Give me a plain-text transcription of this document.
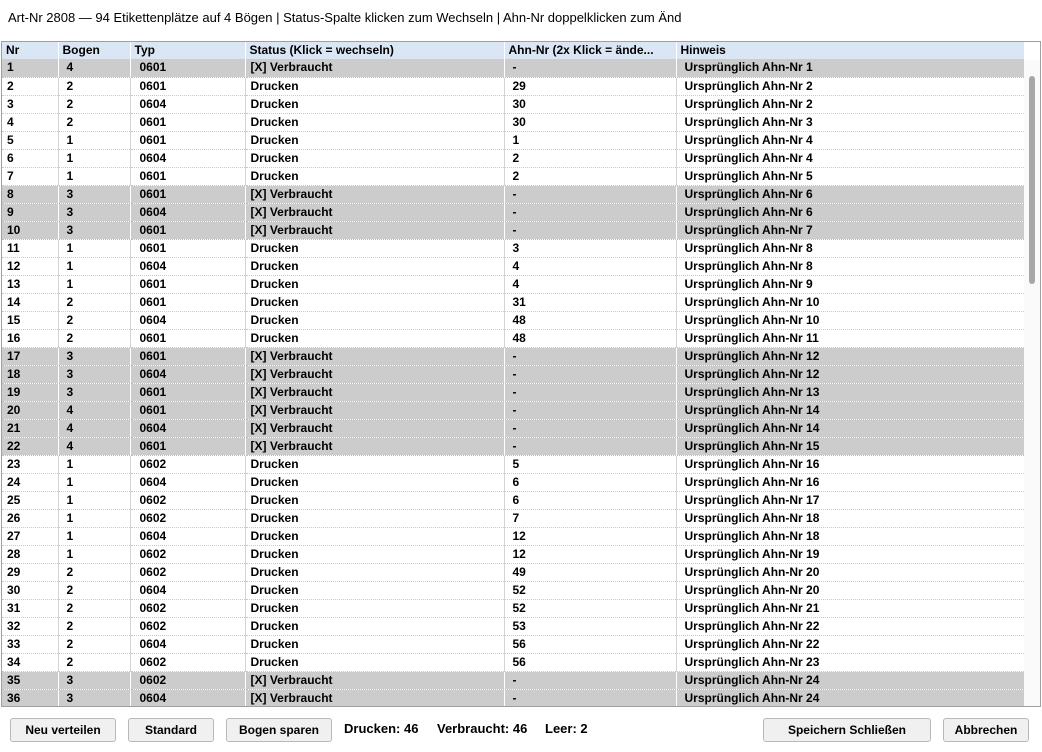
Art-Nr 2808 — 94 Etikettenplätze auf 4 Bögen | Status-Spalte klicken zum Wechseln | Ahn-Nr doppelklicken zum Änd
Nr	Bogen	Typ	Status (Klick = wechseln)	Ahn-Nr (2x Klick = ände...	Hinweis
1	4	0601	[X] Verbraucht	-	Ursprünglich Ahn-Nr 1
2	2	0601	Drucken	29	Ursprünglich Ahn-Nr 2
3	2	0604	Drucken	30	Ursprünglich Ahn-Nr 2
4	2	0601	Drucken	30	Ursprünglich Ahn-Nr 3
5	1	0601	Drucken	1	Ursprünglich Ahn-Nr 4
6	1	0604	Drucken	2	Ursprünglich Ahn-Nr 4
7	1	0601	Drucken	2	Ursprünglich Ahn-Nr 5
8	3	0601	[X] Verbraucht	-	Ursprünglich Ahn-Nr 6
9	3	0604	[X] Verbraucht	-	Ursprünglich Ahn-Nr 6
10	3	0601	[X] Verbraucht	-	Ursprünglich Ahn-Nr 7
11	1	0601	Drucken	3	Ursprünglich Ahn-Nr 8
12	1	0604	Drucken	4	Ursprünglich Ahn-Nr 8
13	1	0601	Drucken	4	Ursprünglich Ahn-Nr 9
14	2	0601	Drucken	31	Ursprünglich Ahn-Nr 10
15	2	0604	Drucken	48	Ursprünglich Ahn-Nr 10
16	2	0601	Drucken	48	Ursprünglich Ahn-Nr 11
17	3	0601	[X] Verbraucht	-	Ursprünglich Ahn-Nr 12
18	3	0604	[X] Verbraucht	-	Ursprünglich Ahn-Nr 12
19	3	0601	[X] Verbraucht	-	Ursprünglich Ahn-Nr 13
20	4	0601	[X] Verbraucht	-	Ursprünglich Ahn-Nr 14
21	4	0604	[X] Verbraucht	-	Ursprünglich Ahn-Nr 14
22	4	0601	[X] Verbraucht	-	Ursprünglich Ahn-Nr 15
23	1	0602	Drucken	5	Ursprünglich Ahn-Nr 16
24	1	0604	Drucken	6	Ursprünglich Ahn-Nr 16
25	1	0602	Drucken	6	Ursprünglich Ahn-Nr 17
26	1	0602	Drucken	7	Ursprünglich Ahn-Nr 18
27	1	0604	Drucken	12	Ursprünglich Ahn-Nr 18
28	1	0602	Drucken	12	Ursprünglich Ahn-Nr 19
29	2	0602	Drucken	49	Ursprünglich Ahn-Nr 20
30	2	0604	Drucken	52	Ursprünglich Ahn-Nr 20
31	2	0602	Drucken	52	Ursprünglich Ahn-Nr 21
32	2	0602	Drucken	53	Ursprünglich Ahn-Nr 22
33	2	0604	Drucken	56	Ursprünglich Ahn-Nr 22
34	2	0602	Drucken	56	Ursprünglich Ahn-Nr 23
35	3	0602	[X] Verbraucht	-	Ursprünglich Ahn-Nr 24
36	3	0604	[X] Verbraucht	-	Ursprünglich Ahn-Nr 24
Neu verteilen	Standard	Bogen sparen	Drucken: 46 Verbraucht: 46 Leer: 2	Speichern Schließen	Abbrechen
